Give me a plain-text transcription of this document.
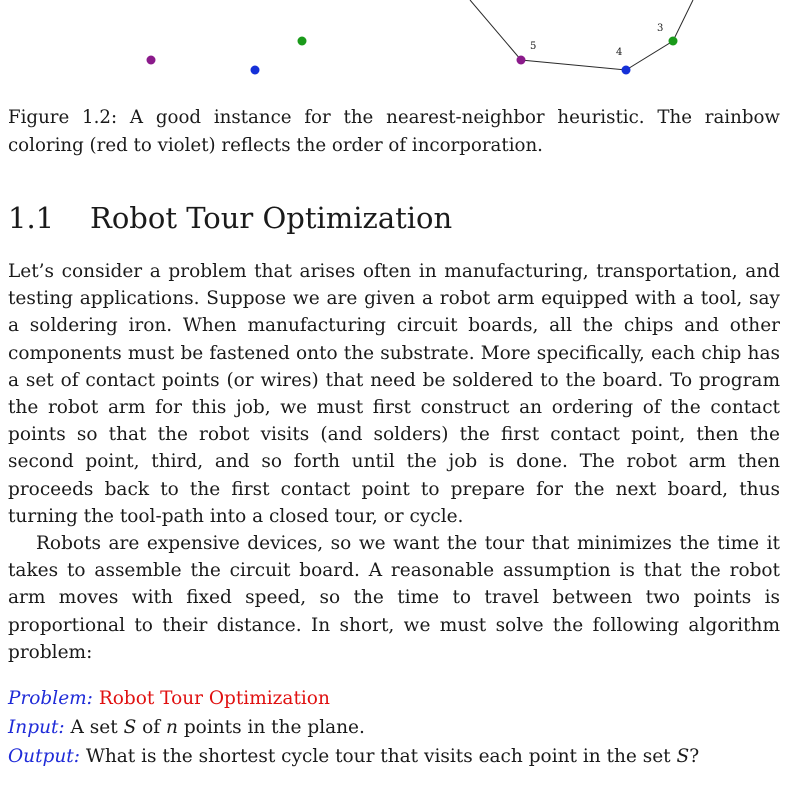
5
4
3

Figure 1.2: A good instance for the nearest-neighbor heuristic. The rainbow coloring (red to violet) reflects the order of incorporation.

1.1 Robot Tour Optimization

Let’s consider a problem that arises often in manufacturing, transportation, and testing applications. Suppose we are given a robot arm equipped with a tool, say a soldering iron. When manufacturing circuit boards, all the chips and other components must be fastened onto the substrate. More specifically, each chip has a set of contact points (or wires) that need be soldered to the board. To program the robot arm for this job, we must first construct an ordering of the contact points so that the robot visits (and solders) the first contact point, then the second point, third, and so forth until the job is done. The robot arm then proceeds back to the first contact point to prepare for the next board, thus turning the tool-path into a closed tour, or cycle.

Robots are expensive devices, so we want the tour that minimizes the time it takes to assemble the circuit board. A reasonable assumption is that the robot arm moves with fixed speed, so the time to travel between two points is proportional to their distance. In short, we must solve the following algorithm problem:

Problem: Robot Tour Optimization
Input: A set S of n points in the plane.
Output: What is the shortest cycle tour that visits each point in the set S?
